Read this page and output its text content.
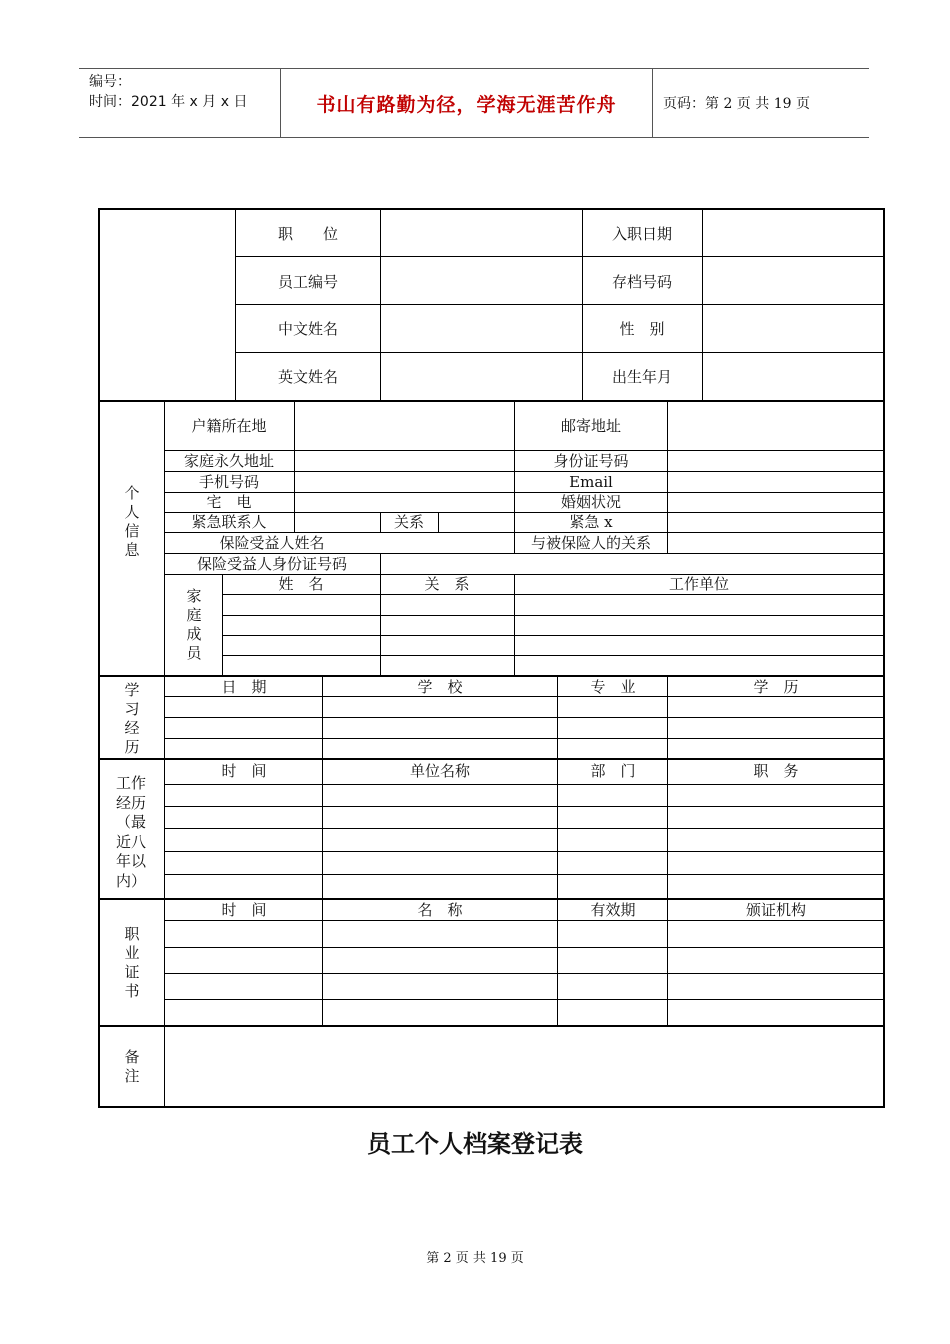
编号：
时间：2021 年 x 月 x 日	书山有路勤为径，学海无涯苦作舟	页码：第 2 页 共 19 页
职　　位	入职日期
员工编号	存档号码
中文姓名	性　别
英文姓名	出生年月
个人信息
户籍所在地	邮寄地址
家庭永久地址	身份证号码
手机号码	Email
宅　电	婚姻状况
紧急联系人	关系	紧急 x
保险受益人姓名	与被保险人的关系
保险受益人身份证号码
家庭成员
姓　名	关　系	工作单位
学习经历
日　期	学　校	专　业	学　历
工作经历（最近八年以内）
时　间	单位名称	部　门	职　务
职业证书
时　间	名　称	有效期	颁证机构
备注
员工个人档案登记表
第 2 页 共 19 页
